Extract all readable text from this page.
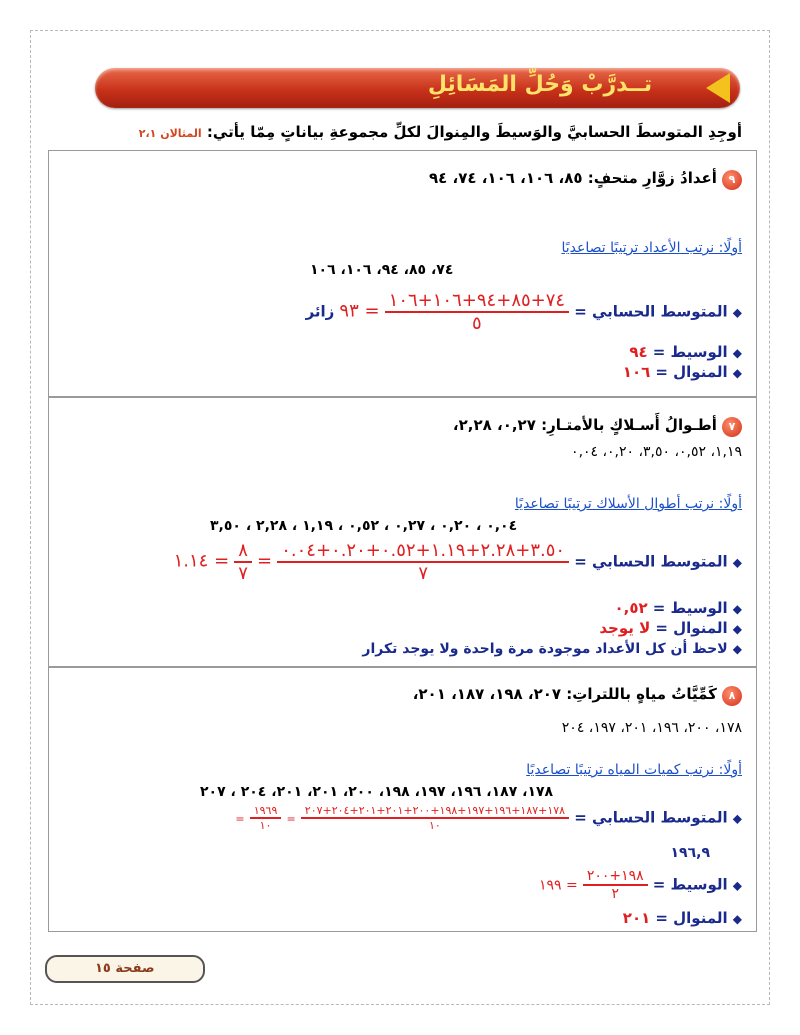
تــدرَّبْ وَحُلِّ المَسَائِلِ
أوجِدِ المتوسطَ الحسابيَّ والوَسيطَ والمِنوالَ لكلِّ مجموعةِ بياناتٍ مِمّا يأتي: المثالان ٢،١
٩ أعدادُ زوَّارِ متحفٍ: ٨٥، ١٠٦، ١٠٦، ٧٤، ٩٤
أولًا: نرتب الأعداد ترتيبًا تصاعديًا
٧٤، ٨٥، ٩٤، ١٠٦، ١٠٦
◆ المتوسط الحسابي =
$\frac{٧٤+٨٥+٩٤+١٠٦+١٠٦}{٥}$
= ٩٣ زائر
◆ الوسيط = ٩٤
◆ المنوال = ١٠٦
٧ أطـوالُ أَسـلاكٍ بالأمتـارِ: ٠,٢٧، ٢,٢٨،
١,١٩، ٠,٥٢، ٣,٥٠، ٠,٢٠، ٠,٠٤
أولًا: نرتب أطوال الأسلاك ترتيبًا تصاعديًا
٠,٠٤ ، ٠,٢٠ ، ٠,٢٧ ، ٠,٥٢ ، ١,١٩ ، ٢,٢٨ ، ٣,٥٠
◆ المتوسط الحسابي =
$\frac{٣.٥٠+٢.٢٨+١.١٩+٠.٥٢+٠.٢٠+٠.٠٤}{٧}$
=
$\frac{٨}{٧}$
= ١.١٤
◆ الوسيط = ٠,٥٢
◆ المنوال = لا يوجد
◆ لاحظ أن كل الأعداد موجودة مرة واحدة ولا يوجد تكرار
٨ كَمِّيَّاتُ مياهٍ باللتراتِ: ٢٠٧، ١٩٨، ١٨٧، ٢٠١،
١٧٨، ٢٠٠، ١٩٦، ٢٠١، ١٩٧، ٢٠٤
أولًا: نرتب كميات المياه ترتيبًا تصاعديًا
١٧٨، ١٨٧، ١٩٦، ١٩٧، ١٩٨، ٢٠٠، ٢٠١، ٢٠١، ٢٠٤ ، ٢٠٧
◆ المتوسط الحسابي =
$\frac{١٧٨+١٨٧+١٩٦+١٩٧+١٩٨+٢٠٠+٢٠١+٢٠١+٢٠٤+٢٠٧}{١٠}$
=
$\frac{١٩٦٩}{١٠}$
=
١٩٦,٩
◆ الوسيط =
$\frac{١٩٨+٢٠٠}{٢}$
= ١٩٩
◆ المنوال = ٢٠١
صفحة ١٥
